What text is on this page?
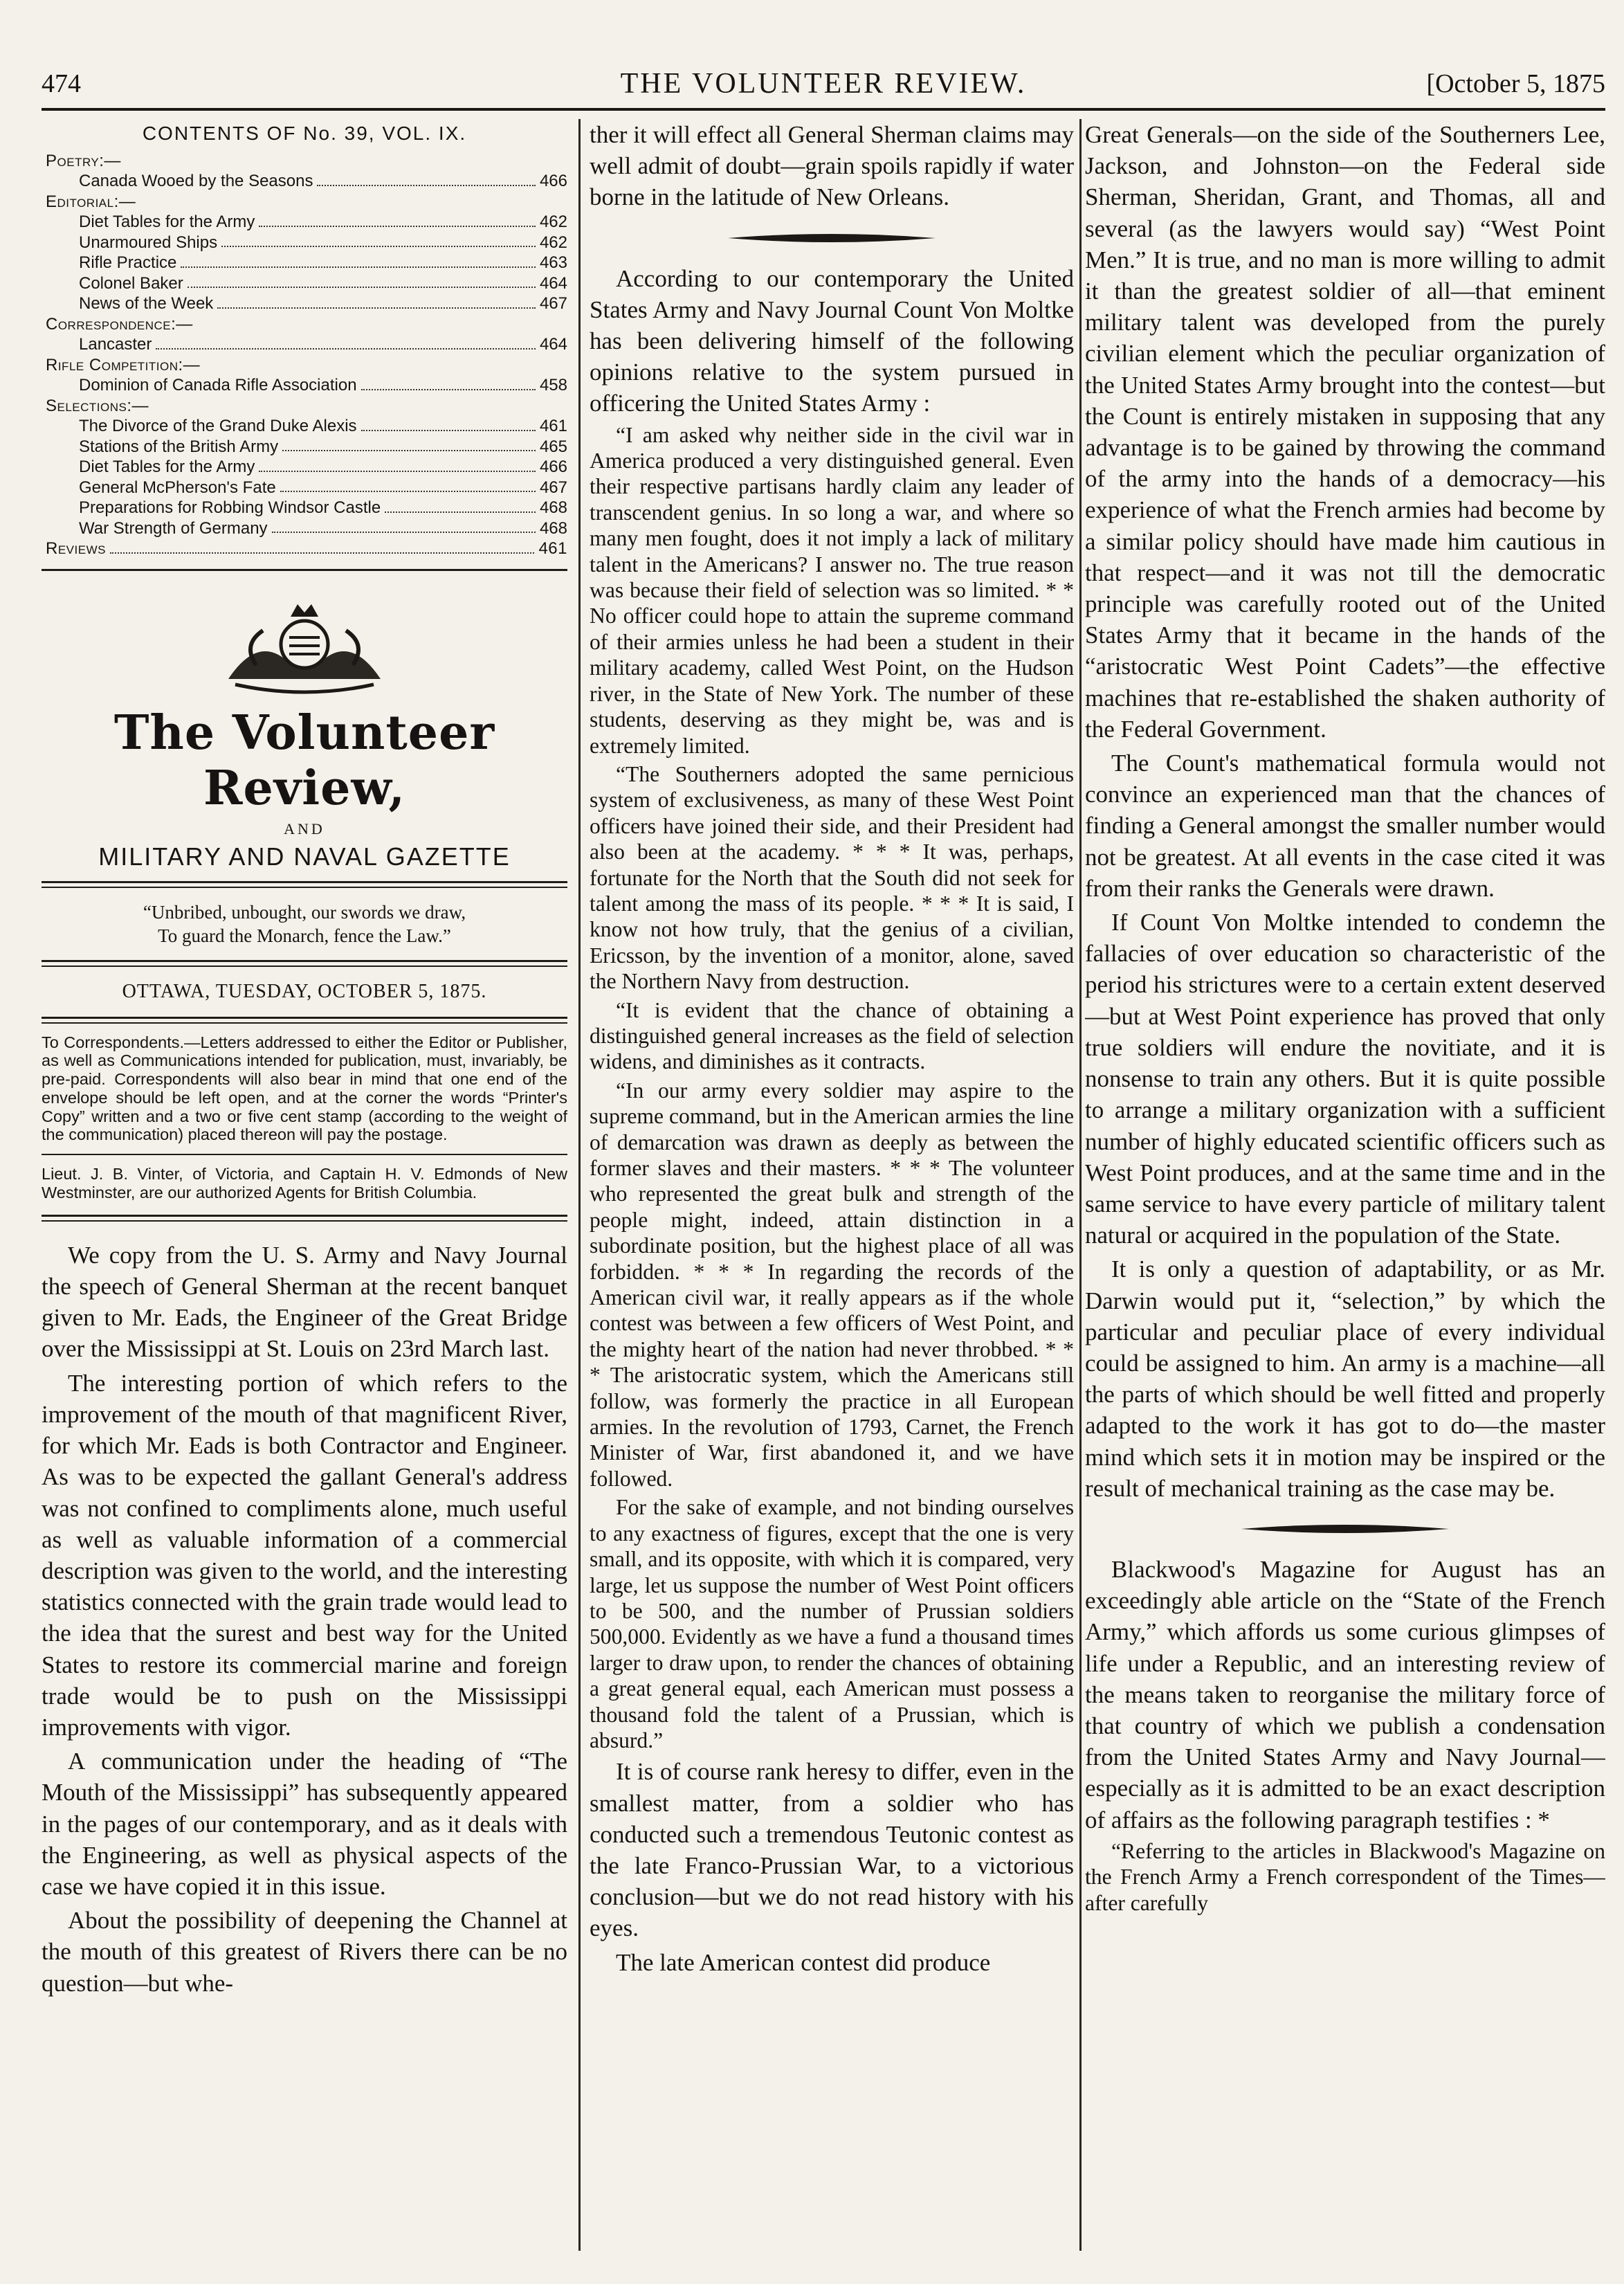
474	THE VOLUNTEER REVIEW.	[October 5, 1875
CONTENTS OF No. 39, VOL. IX.
Poetry:—
Canada Wooed by the Seasons	466
Editorial:—
Diet Tables for the Army	462
Unarmoured Ships	462
Rifle Practice	463
Colonel Baker	464
News of the Week	467
Correspondence:—
Lancaster	464
Rifle Competition:—
Dominion of Canada Rifle Association	458
Selections:—
The Divorce of the Grand Duke Alexis	461
Stations of the British Army	465
Diet Tables for the Army	466
General McPherson's Fate	467
Preparations for Robbing Windsor Castle	468
War Strength of Germany	468
Reviews	461
The Volunteer Review,
AND
MILITARY AND NAVAL GAZETTE
“Unbribed, unbought, our swords we draw,
To guard the Monarch, fence the Law.”
OTTAWA, TUESDAY, OCTOBER 5, 1875.

To Correspondents.—Letters addressed to either the Editor or Publisher, as well as Communications intended for publication, must, invariably, be pre-paid. Correspondents will also bear in mind that one end of the envelope should be left open, and at the corner the words “Printer's Copy” written and a two or five cent stamp (according to the weight of the communication) placed thereon will pay the postage.

Lieut. J. B. Vinter, of Victoria, and Captain H. V. Edmonds of New Westminster, are our authorized Agents for British Columbia.

We copy from the U. S. Army and Navy Journal the speech of General Sherman at the recent banquet given to Mr. Eads, the Engineer of the Great Bridge over the Mississippi at St. Louis on 23rd March last.

The interesting portion of which refers to the improvement of the mouth of that magnificent River, for which Mr. Eads is both Contractor and Engineer. As was to be expected the gallant General's address was not confined to compliments alone, much useful as well as valuable information of a commercial description was given to the world, and the interesting statistics connected with the grain trade would lead to the idea that the surest and best way for the United States to restore its commercial marine and foreign trade would be to push on the Mississippi improvements with vigor.

A communication under the heading of “The Mouth of the Mississippi” has subsequently appeared in the pages of our contemporary, and as it deals with the Engineering, as well as physical aspects of the case we have copied it in this issue.

About the possibility of deepening the Channel at the mouth of this greatest of Rivers there can be no question—but whe-

ther it will effect all General Sherman claims may well admit of doubt—grain spoils rapidly if water borne in the latitude of New Orleans.

According to our contemporary the United States Army and Navy Journal Count Von Moltke has been delivering himself of the following opinions relative to the system pursued in officering the United States Army :

“I am asked why neither side in the civil war in America produced a very distinguished general. Even their respective partisans hardly claim any leader of transcendent genius. In so long a war, and where so many men fought, does it not imply a lack of military talent in the Americans? I answer no. The true reason was because their field of selection was so limited. * * No officer could hope to attain the supreme command of their armies unless he had been a student in their military academy, called West Point, on the Hudson river, in the State of New York. The number of these students, deserving as they might be, was and is extremely limited.

“The Southerners adopted the same pernicious system of exclusiveness, as many of these West Point officers have joined their side, and their President had also been at the academy. * * * It was, perhaps, fortunate for the North that the South did not seek for talent among the mass of its people. * * * It is said, I know not how truly, that the genius of a civilian, Ericsson, by the invention of a monitor, alone, saved the Northern Navy from destruction.

“It is evident that the chance of obtaining a distinguished general increases as the field of selection widens, and diminishes as it contracts.

“In our army every soldier may aspire to the supreme command, but in the American armies the line of demarcation was drawn as deeply as between the former slaves and their masters. * * * The volunteer who represented the great bulk and strength of the people might, indeed, attain distinction in a subordinate position, but the highest place of all was forbidden. * * * In regarding the records of the American civil war, it really appears as if the whole contest was between a few officers of West Point, and the mighty heart of the nation had never throbbed. * * * The aristocratic system, which the Americans still follow, was formerly the practice in all European armies. In the revolution of 1793, Carnet, the French Minister of War, first abandoned it, and we have followed.

For the sake of example, and not binding ourselves to any exactness of figures, except that the one is very small, and its opposite, with which it is compared, very large, let us suppose the number of West Point officers to be 500, and the number of Prussian soldiers 500,000. Evidently as we have a fund a thousand times larger to draw upon, to render the chances of obtaining a great general equal, each American must possess a thousand fold the talent of a Prussian, which is absurd.”

It is of course rank heresy to differ, even in the smallest matter, from a soldier who has conducted such a tremendous Teutonic contest as the late Franco-Prussian War, to a victorious conclusion—but we do not read history with his eyes.

The late American contest did produce

Great Generals—on the side of the Southerners Lee, Jackson, and Johnston—on the Federal side Sherman, Sheridan, Grant, and Thomas, all and several (as the lawyers would say) “West Point Men.” It is true, and no man is more willing to admit it than the greatest soldier of all—that eminent military talent was developed from the purely civilian element which the peculiar organization of the United States Army brought into the contest—but the Count is entirely mistaken in supposing that any advantage is to be gained by throwing the command of the army into the hands of a democracy—his experience of what the French armies had become by a similar policy should have made him cautious in that respect—and it was not till the democratic principle was carefully rooted out of the United States Army that it became in the hands of the “aristocratic West Point Cadets”—the effective machines that re-established the shaken authority of the Federal Government.

The Count's mathematical formula would not convince an experienced man that the chances of finding a General amongst the smaller number would not be greatest. At all events in the case cited it was from their ranks the Generals were drawn.

If Count Von Moltke intended to condemn the fallacies of over education so characteristic of the period his strictures were to a certain extent deserved—but at West Point experience has proved that only true soldiers will endure the novitiate, and it is nonsense to train any others. But it is quite possible to arrange a military organization with a sufficient number of highly educated scientific officers such as West Point produces, and at the same time and in the same service to have every particle of military talent natural or acquired in the population of the State.

It is only a question of adaptability, or as Mr. Darwin would put it, “selection,” by which the particular and peculiar place of every individual could be assigned to him. An army is a machine—all the parts of which should be well fitted and properly adapted to the work it has got to do—the master mind which sets it in motion may be inspired or the result of mechanical training as the case may be.

Blackwood's Magazine for August has an exceedingly able article on the “State of the French Army,” which affords us some curious glimpses of life under a Republic, and an interesting review of the means taken to reorganise the military force of that country of which we publish a condensation from the United States Army and Navy Journal—especially as it is admitted to be an exact description of affairs as the following paragraph testifies : *

“Referring to the articles in Blackwood's Magazine on the French Army a French correspondent of the Times—after carefully
